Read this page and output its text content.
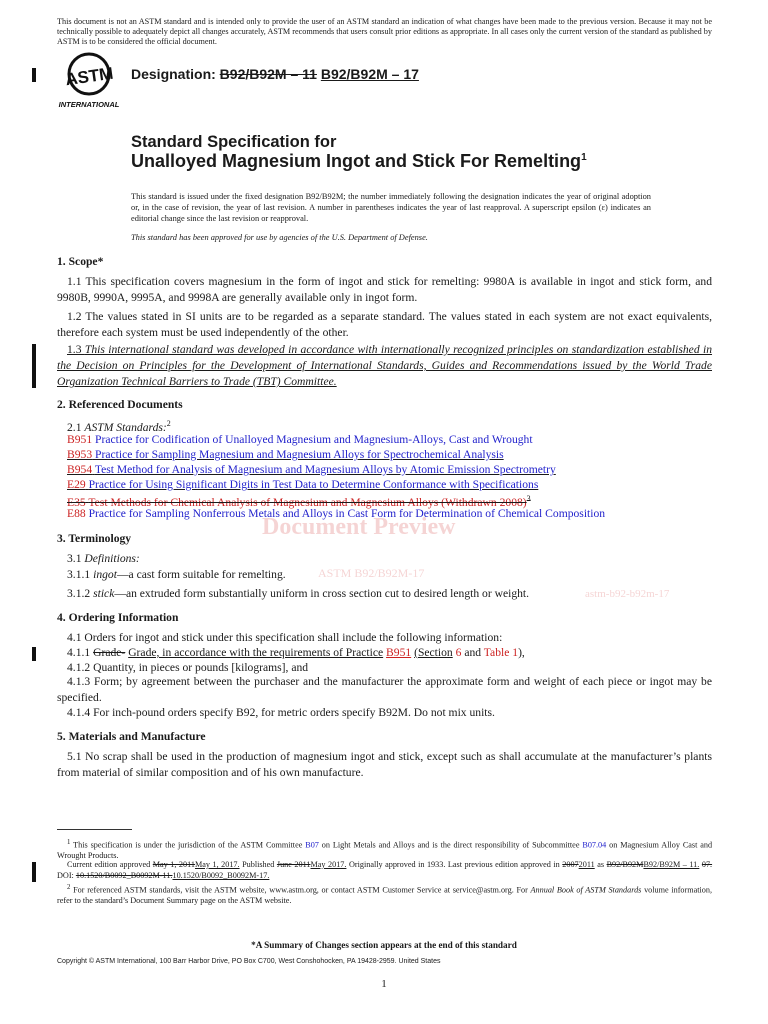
This document is not an ASTM standard and is intended only to provide the user of an ASTM standard an indication of what changes have been made to the previous version. Because it may not be technically possible to adequately depict all changes accurately, ASTM recommends that users consult prior editions as appropriate. In all cases only the current version of the standard as published by ASTM is to be considered the official document.
ASTM
INTERNATIONAL
Designation: B92/B92M – 11 B92/B92M – 17
Standard Specification for
Unalloyed Magnesium Ingot and Stick For Remelting$^1$
This standard is issued under the fixed designation B92/B92M; the number immediately following the designation indicates the year of original adoption or, in the case of revision, the year of last revision. A number in parentheses indicates the year of last reapproval. A superscript epsilon (ε) indicates an editorial change since the last revision or reapproval.
This standard has been approved for use by agencies of the U.S. Department of Defense.
1. Scope*
1.1 This specification covers magnesium in the form of ingot and stick for remelting: 9980A is available in ingot and stick form, and 9980B, 9990A, 9995A, and 9998A are generally available only in ingot form.
1.2 The values stated in SI units are to be regarded as a separate standard. The values stated in each system are not exact equivalents, therefore each system must be used independently of the other.
1.3 This international standard was developed in accordance with internationally recognized principles on standardization established in the Decision on Principles for the Development of International Standards, Guides and Recommendations issued by the World Trade Organization Technical Barriers to Trade (TBT) Committee.
2. Referenced Documents
2.1 ASTM Standards:$^2$
B951 Practice for Codification of Unalloyed Magnesium and Magnesium-Alloys, Cast and Wrought
B953 Practice for Sampling Magnesium and Magnesium Alloys for Spectrochemical Analysis
B954 Test Method for Analysis of Magnesium and Magnesium Alloys by Atomic Emission Spectrometry
E29 Practice for Using Significant Digits in Test Data to Determine Conformance with Specifications
E35 Test Methods for Chemical Analysis of Magnesium and Magnesium Alloys (Withdrawn 2008)$^3$
E88 Practice for Sampling Nonferrous Metals and Alloys in Cast Form for Determination of Chemical Composition
Document Preview
ASTM B92/B92M-17
astm-b92-b92m-17
3. Terminology
3.1 Definitions:
3.1.1 ingot—a cast form suitable for remelting.
3.1.2 stick—an extruded form substantially uniform in cross section cut to desired length or weight.
4. Ordering Information
4.1 Orders for ingot and stick under this specification shall include the following information:
4.1.1 Grade- Grade, in accordance with the requirements of Practice B951 (Section 6 and Table 1),
4.1.2 Quantity, in pieces or pounds [kilograms], and
4.1.3 Form; by agreement between the purchaser and the manufacturer the approximate form and weight of each piece or ingot may be specified.
4.1.4 For inch-pound orders specify B92, for metric orders specify B92M. Do not mix units.
5. Materials and Manufacture
5.1 No scrap shall be used in the production of magnesium ingot and stick, except such as shall accumulate at the manufacturer’s plants from material of similar composition and of his own manufacture.
$^1$ This specification is under the jurisdiction of the ASTM Committee B07 on Light Metals and Alloys and is the direct responsibility of Subcommittee B07.04 on Magnesium Alloy Cast and Wrought Products.
Current edition approved May 1, 2011May 1, 2017. Published June 2011May 2017. Originally approved in 1933. Last previous edition approved in 20072011 as B92/B92MB92/B92M – 11. 07. DOI: 10.1520/B0092_B0092M-11.10.1520/B0092_B0092M-17.
$^2$ For referenced ASTM standards, visit the ASTM website, www.astm.org, or contact ASTM Customer Service at service@astm.org. For Annual Book of ASTM Standards volume information, refer to the standard’s Document Summary page on the ASTM website.
*A Summary of Changes section appears at the end of this standard
Copyright © ASTM International, 100 Barr Harbor Drive, PO Box C700, West Conshohocken, PA 19428-2959. United States
1
